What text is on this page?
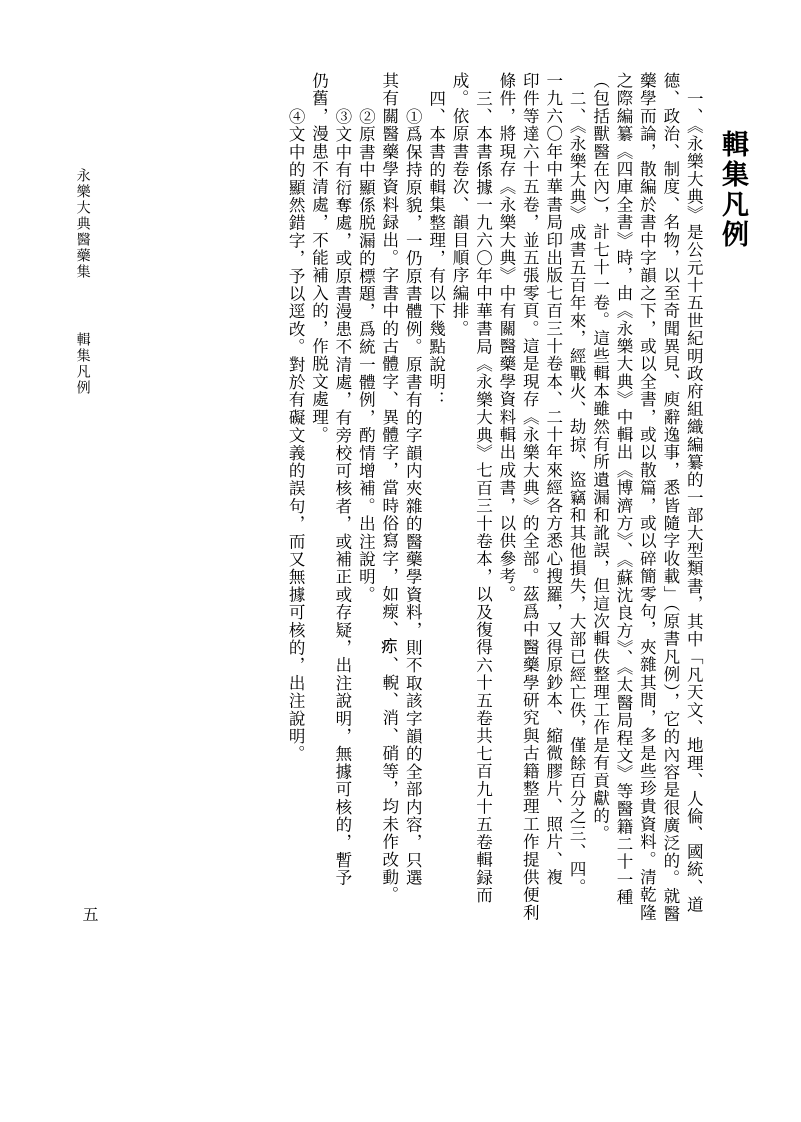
輯集凡例
一、《永樂大典》是公元十五世紀明政府組織編纂的一部大型類書，其中「凡天文、地理、人倫、國統、道
德、政治、制度、名物，以至奇聞異見、庾辭逸事，悉皆隨字收載」（原書凡例），它的內容是很廣泛的。就醫
藥學而論，散編於書中字韻之下，或以全書，或以散篇，或以碎簡零句，夾雜其間，多是些珍貴資料。清乾隆
之際編纂《四庫全書》時，由《永樂大典》中輯出《博濟方》、《蘇沈良方》、《太醫局程文》等醫籍二十一種
（包括獸醫在內），計七十一卷。這些輯本雖然有所遺漏和訛誤，但這次輯佚整理工作是有貢獻的。
二、《永樂大典》成書五百年來，經戰火、劫掠、盜竊和其他損失，大部已經亡佚，僅餘百分之三、四。
一九六〇年中華書局印出版七百三十卷本、二十年來經各方悉心搜羅，又得原鈔本、縮微膠片、照片、複
印件等達六十五卷，並五張零頁。這是現存《永樂大典》的全部。茲爲中醫藥學研究與古籍整理工作提供便利
條件，將現存《永樂大典》中有關醫藥學資料輯出成書，以供參考。
三、本書係據一九六〇年中華書局《永樂大典》七百三十卷本，以及復得六十五卷共七百九十五卷輯録而
成。依原書卷次、韻目順序編排。
四、本書的輯集整理，有以下幾點說明：
①爲保持原貌，一仍原書體例。原書有的字韻内夾雜的醫藥學資料，則不取該字韻的全部内容，只選
其有關醫藥學資料録出。字書中的古體字、異體字，當時俗寫字，如𤸄、𤵜、輗、消、硝等，均未作改動。
②原書中顯係脱漏的標題，爲統一體例，酌情增補。出注說明。
③文中有衍奪處，或原書漫患不清處，有旁校可核者，或補正或存疑，出注說明，無據可核的，暫予
仍舊，漫患不清處，不能補入的，作脱文處理。
④文中的顯然錯字，予以逕改。對於有礙文義的誤句，而又無據可核的，出注說明。
永樂大典醫藥集  輯集凡例
五
